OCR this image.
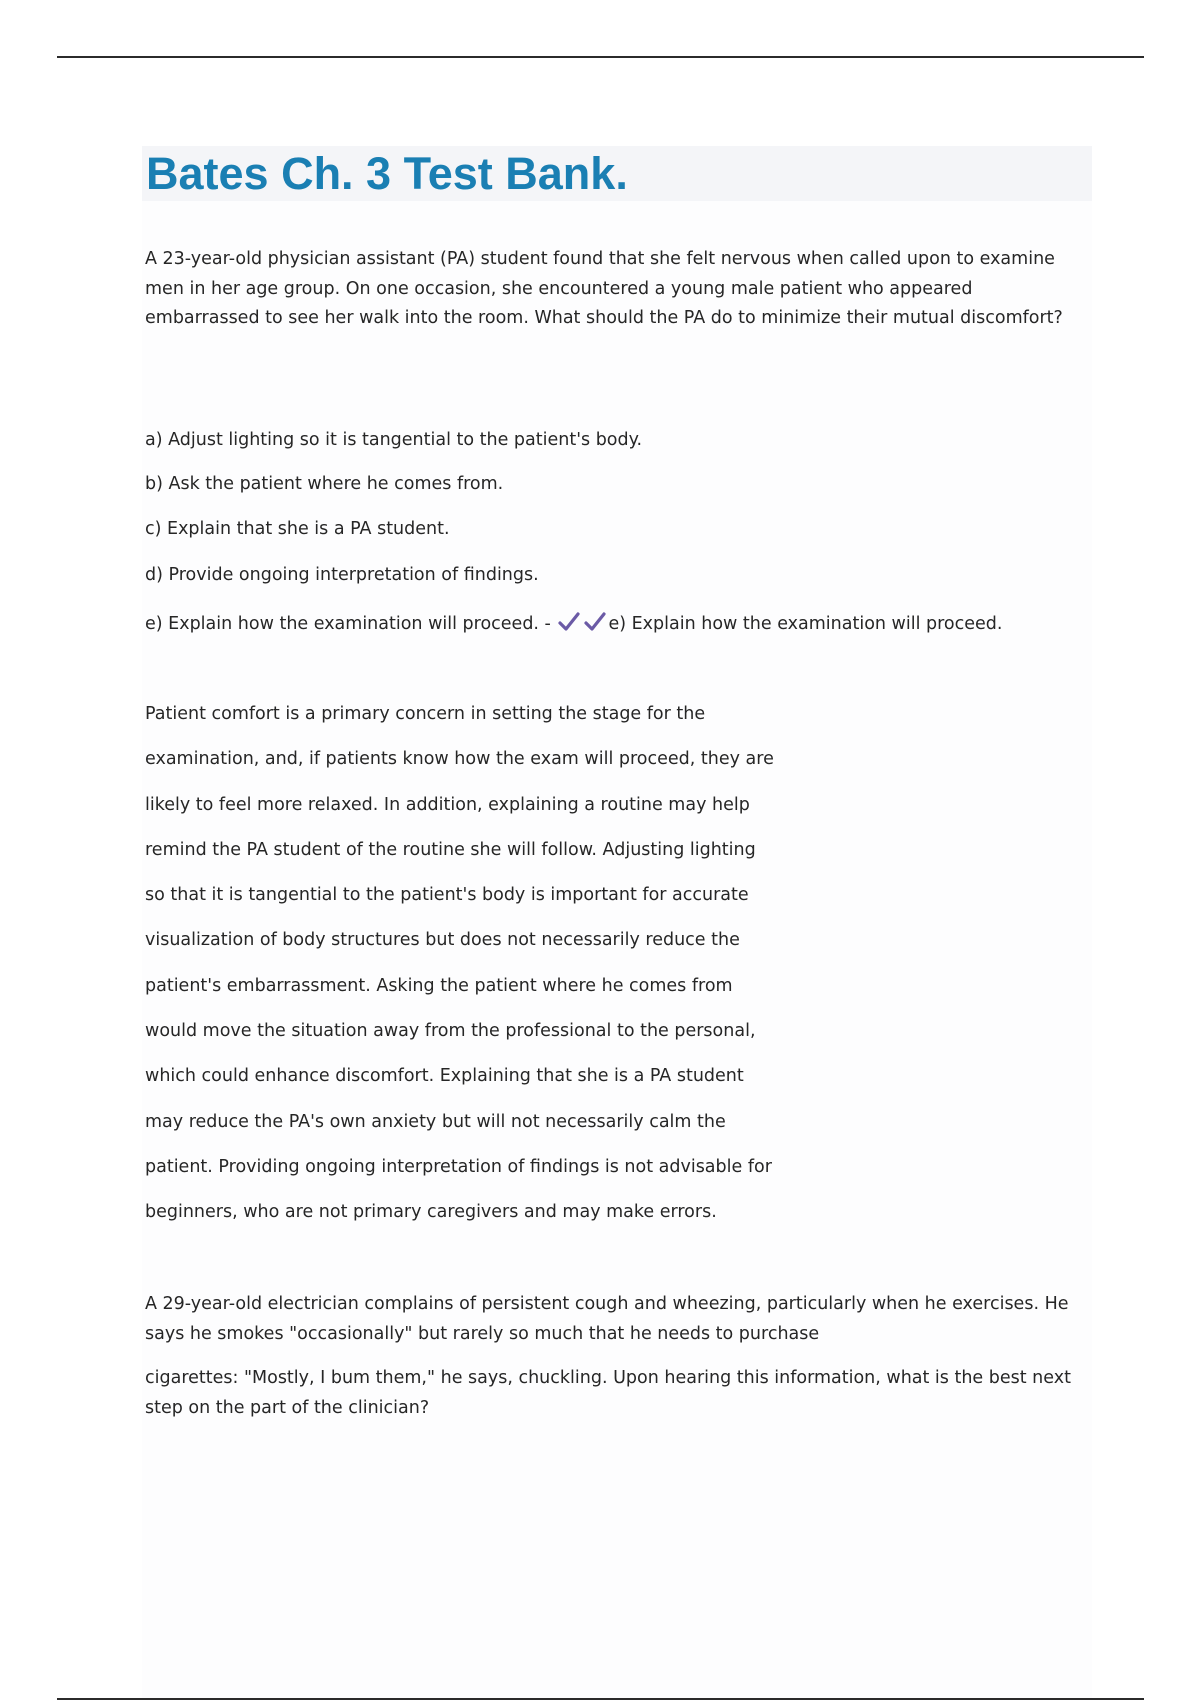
Bates Ch. 3 Test Bank.

A 23-year-old physician assistant (PA) student found that she felt nervous when called upon to examine men in her age group. On one occasion, she encountered a young male patient who appeared embarrassed to see her walk into the room. What should the PA do to minimize their mutual discomfort?

a) Adjust lighting so it is tangential to the patient's body.

b) Ask the patient where he comes from.

c) Explain that she is a PA student.

d) Provide ongoing interpretation of findings.

e) Explain how the examination will proceed. -	e) Explain how the examination will proceed.

Patient comfort is a primary concern in setting the stage for the
examination, and, if patients know how the exam will proceed, they are
likely to feel more relaxed. In addition, explaining a routine may help
remind the PA student of the routine she will follow. Adjusting lighting
so that it is tangential to the patient's body is important for accurate
visualization of body structures but does not necessarily reduce the
patient's embarrassment. Asking the patient where he comes from
would move the situation away from the professional to the personal,
which could enhance discomfort. Explaining that she is a PA student
may reduce the PA's own anxiety but will not necessarily calm the
patient. Providing ongoing interpretation of findings is not advisable for
beginners, who are not primary caregivers and may make errors.

A 29-year-old electrician complains of persistent cough and wheezing, particularly when he exercises. He says he smokes "occasionally" but rarely so much that he needs to purchase

cigarettes: "Mostly, I bum them," he says, chuckling. Upon hearing this information, what is the best next step on the part of the clinician?
